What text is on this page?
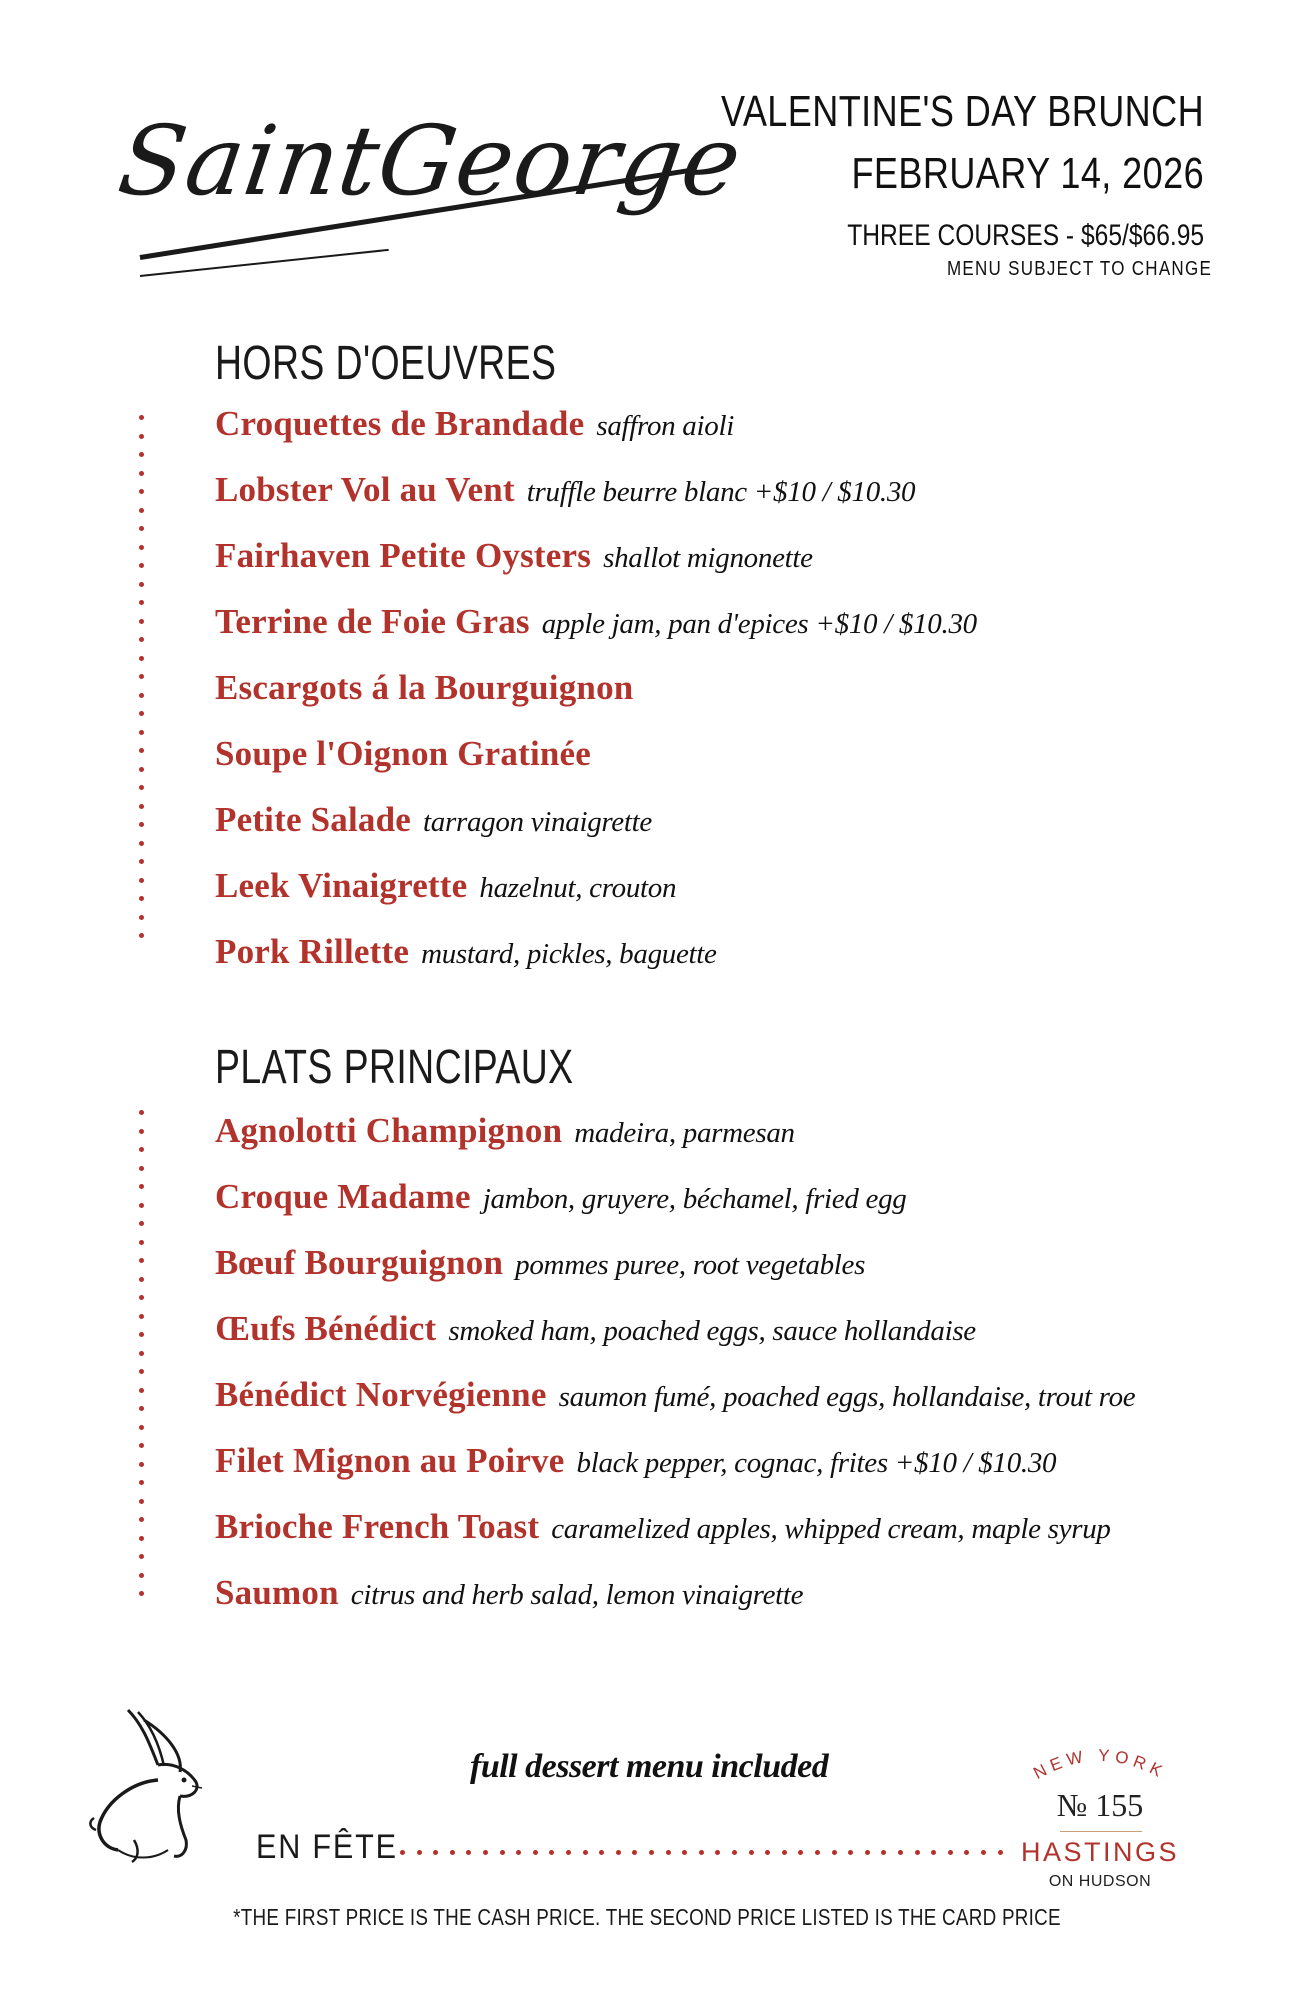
SaintGeorge
VALENTINE'S DAY BRUNCH
FEBRUARY 14, 2026
THREE COURSES - $65/$66.95
MENU SUBJECT TO CHANGE
HORS D'OEUVRES
Croquettes de Brandade saffron aioli
Lobster Vol au Vent truffle beurre blanc +$10 / $10.30
Fairhaven Petite Oysters shallot mignonette
Terrine de Foie Gras apple jam, pan d'epices +$10 / $10.30
Escargots á la Bourguignon
Soupe l'Oignon Gratinée
Petite Salade tarragon vinaigrette
Leek Vinaigrette hazelnut, crouton
Pork Rillette mustard, pickles, baguette
PLATS PRINCIPAUX
Agnolotti Champignon madeira, parmesan
Croque Madame jambon, gruyere, béchamel, fried egg
Bœuf Bourguignon pommes puree, root vegetables
Œufs Bénédict smoked ham, poached eggs, sauce hollandaise
Bénédict Norvégienne saumon fumé, poached eggs, hollandaise, trout roe
Filet Mignon au Poirve black pepper, cognac, frites +$10 / $10.30
Brioche French Toast caramelized apples, whipped cream, maple syrup
Saumon citrus and herb salad, lemon vinaigrette
full dessert menu included
EN FÊTE
NEW YORK
№ 155
HASTINGS
ON HUDSON
*THE FIRST PRICE IS THE CASH PRICE. THE SECOND PRICE LISTED IS THE CARD PRICE
